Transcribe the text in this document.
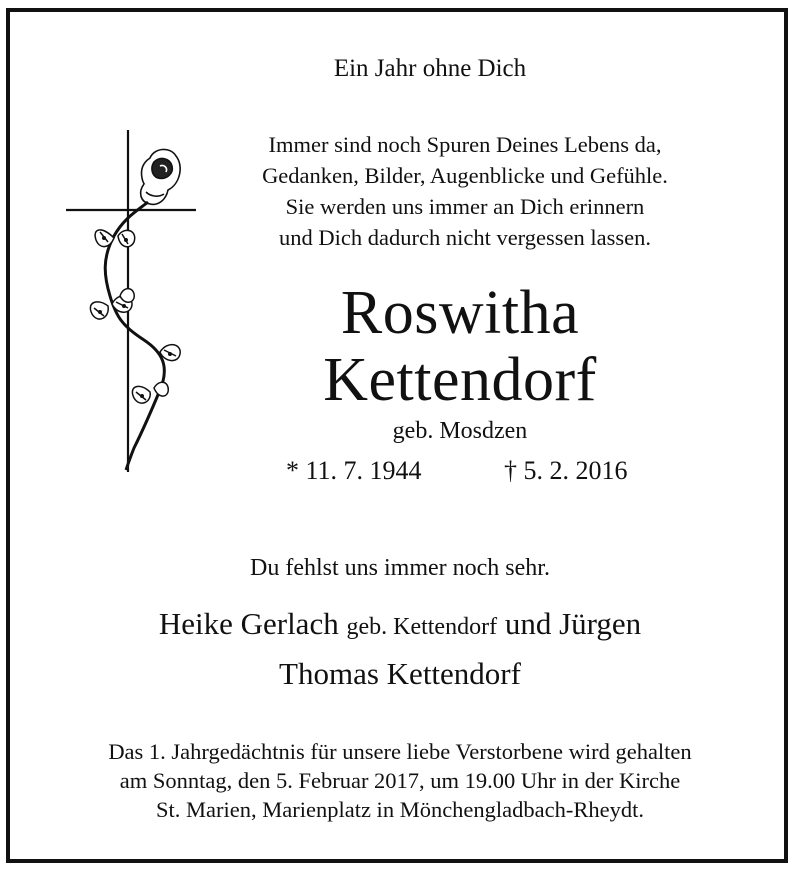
Ein Jahr ohne Dich
Immer sind noch Spuren Deines Lebens da,
Gedanken, Bilder, Augenblicke und Gefühle.
Sie werden uns immer an Dich erinnern
und Dich dadurch nicht vergessen lassen.
Roswitha
Kettendorf
geb. Mosdzen
* 11. 7. 1944	† 5. 2. 2016
Du fehlst uns immer noch sehr.
Heike Gerlach geb. Kettendorf und Jürgen
Thomas Kettendorf
Das 1. Jahrgedächtnis für unsere liebe Verstorbene wird gehalten
am Sonntag, den 5. Februar 2017, um 19.00 Uhr in der Kirche
St. Marien, Marienplatz in Mönchengladbach-Rheydt.
